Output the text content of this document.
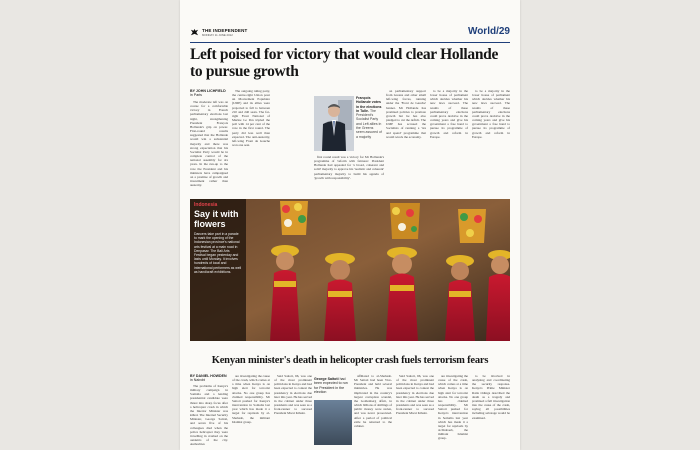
THE INDEPENDENT
MONDAY 11 JUNE 2012	World/29
Left poised for victory that would clear Hollande to pursue growth
BY JOHN LICHFIELD
in Paris

The moderate left was on course for a comfortable victory in French parliamentary elections last night, strengthening President François Hollande's grip on power. First-round results suggested that the Hollande would win a substantial majority and there was strong expectation that his Socialist Party would be in complete control of the national assembly for six years. In the run-up to the vote the President and his ministers have campaigned on a promise of growth and investment rather than austerity.

The outgoing ruling party, the centre-right Union pour un Mouvement Populaire (UMP) and its allies were projected to fall to between 210 and 240 seats. The far-right Front National of Marine Le Pen tripled the poll with 14 per cent of the vote in the first round. The party did less well than expected. The anti-austerity, left-wing Front de Gauche won one seat.

François Hollande votes in the elections in Tulle. The President's Socialist Party and Left allies in the Greens seem assured of a majority

first round result was a victory for Mr Hollande's programme of 'reform with fairness'. President Hollande had appealed for 'a broad, coherent and solid' majority to approve his 'realistic and coherent' parliamentary majority to build his agenda of 'growth with responsibility'.

on parliamentary support from Greens and other small left-wing forces, running under the 'Front de Gauche' banner. Mr Hollande has promised policies to promote growth but he has also pledged to cut the deficit. The UMP has accused the Socialists of running a 'tax and spend' programme that would wreck the economy.

to be a majority in the lower house of parliament which decides whether his new laws succeed. The results of these parliamentary elections could prove decisive in the coming years and give his government a free hand to pursue its programme of growth and reform in Europe.

to be a majority in the lower house of parliament which decides whether his new laws succeed. The results of these parliamentary elections could prove decisive in the coming years and give his government a free hand to pursue its programme of growth and reform in Europe.

Indonesia

Say it with flowers

Dancers take part in a parade to mark the opening of the Indonesian province's national arts festival at a main road in Denpasar. The Bali Arts Festival began yesterday and lasts until Monday. It involves hundreds of local and international performers as well as handicraft exhibitions.

Kenyan minister's death in helicopter crash fuels terrorism fears
BY DANIEL HOWDEN
in Nairobi

The problems of Kenya's military campaign in Somalia and a lending presidential candidate were thrust into sharp focus after a helicopter crash in which the Interior Minister was killed. The Internal Security Minister, George Saitoti, and seven five of his colleagues died when the police helicopter they were travelling in crashed on the outskirts of the city. Authorities

are investigating the cause of the crash, which comes at a time when Kenya is on high alert for terrorist attacks. No one group has claimed responsibility. Mr Saitoti pushed for Kenya's intervention in Somalia last year which has made it a target for reprisals by al-Shabaab, the militant Islamist group.

Said Saitoti, 66, was one of the most prominent politicians in Kenya and had been expected to contest the presidency in elections due later this year. He has served in the cabinet under three presidents and was seen as a front-runner to succeed President Mwai Kibaki.

George Saitoti had been expected to run for President in the election

affiliated to al-Shabaab. Mr Saitoti had been Vice-President and held several ministries. He was implicated in the country's largest corruption scandal, the Goldenberg affair, in which billions of shillings of public money were stolen, and was never prosecuted. After a period of political exile he returned to the cabinet.

Said Saitoti, 66, was one of the most prominent politicians in Kenya and had been expected to contest the presidency in elections due later this year. He has served in the cabinet under three presidents and was seen as a front-runner to succeed President Mwai Kibaki.

are investigating the cause of the crash, which comes at a time when Kenya is on high alert for terrorist attacks. No one group has claimed responsibility. Mr Saitoti pushed for Kenya's intervention in Somalia last year which has made it a target for reprisals by al-Shabaab, the militant Islamist group.

to be involved in analysing and coordinating the security response. Kenya's Prime Minister Raila Odinga described the death as a tragedy and promised a full investigation into the cause of the crash, saying all possibilities including sabotage would be examined.
